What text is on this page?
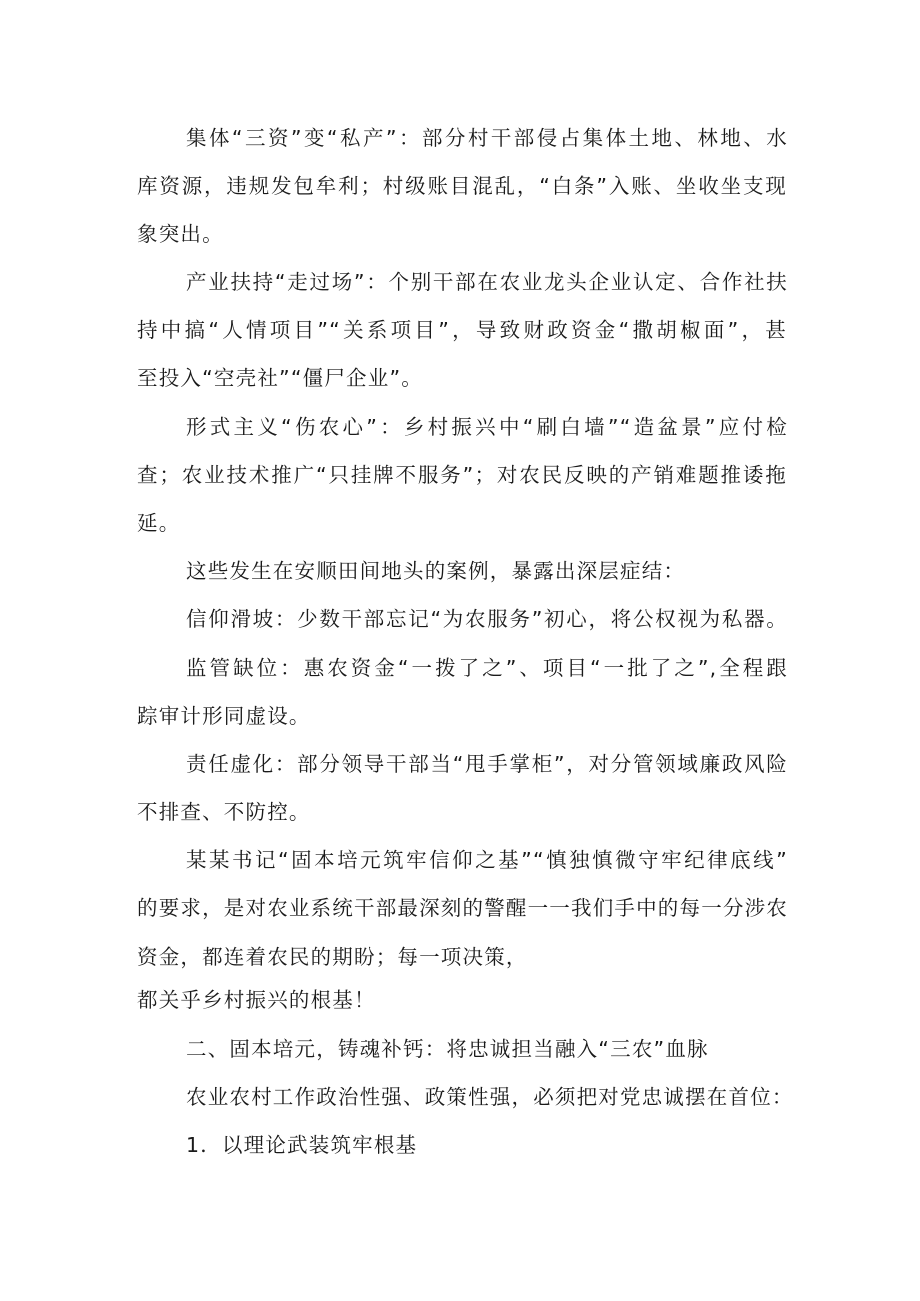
集体“三资”变“私产”：部分村干部侵占集体土地、林地、水
库资源，违规发包牟利；村级账目混乱，“白条”入账、坐收坐支现
象突出。
产业扶持“走过场”：个别干部在农业龙头企业认定、合作社扶
持中搞“人情项目”“关系项目”，导致财政资金“撒胡椒面”，甚
至投入“空壳社”“僵尸企业”。
形式主义“伤农心”：乡村振兴中“刷白墙”“造盆景”应付检
查；农业技术推广“只挂牌不服务”；对农民反映的产销难题推诿拖
延。
这些发生在安顺田间地头的案例，暴露出深层症结：
信仰滑坡：少数干部忘记“为农服务”初心，将公权视为私器。
监管缺位：惠农资金“一拨了之”、项目“一批了之”,全程跟
踪审计形同虚设。
责任虚化：部分领导干部当“甩手掌柜”，对分管领域廉政风险
不排查、不防控。
某某书记“固本培元筑牢信仰之基”“慎独慎微守牢纪律底线”
的要求，是对农业系统干部最深刻的警醒一一我们手中的每一分涉农
资金，都连着农民的期盼；每一项决策，
都关乎乡村振兴的根基！
二、固本培元，铸魂补钙：将忠诚担当融入“三农”血脉
农业农村工作政治性强、政策性强，必须把对党忠诚摆在首位：
1．以理论武装筑牢根基
